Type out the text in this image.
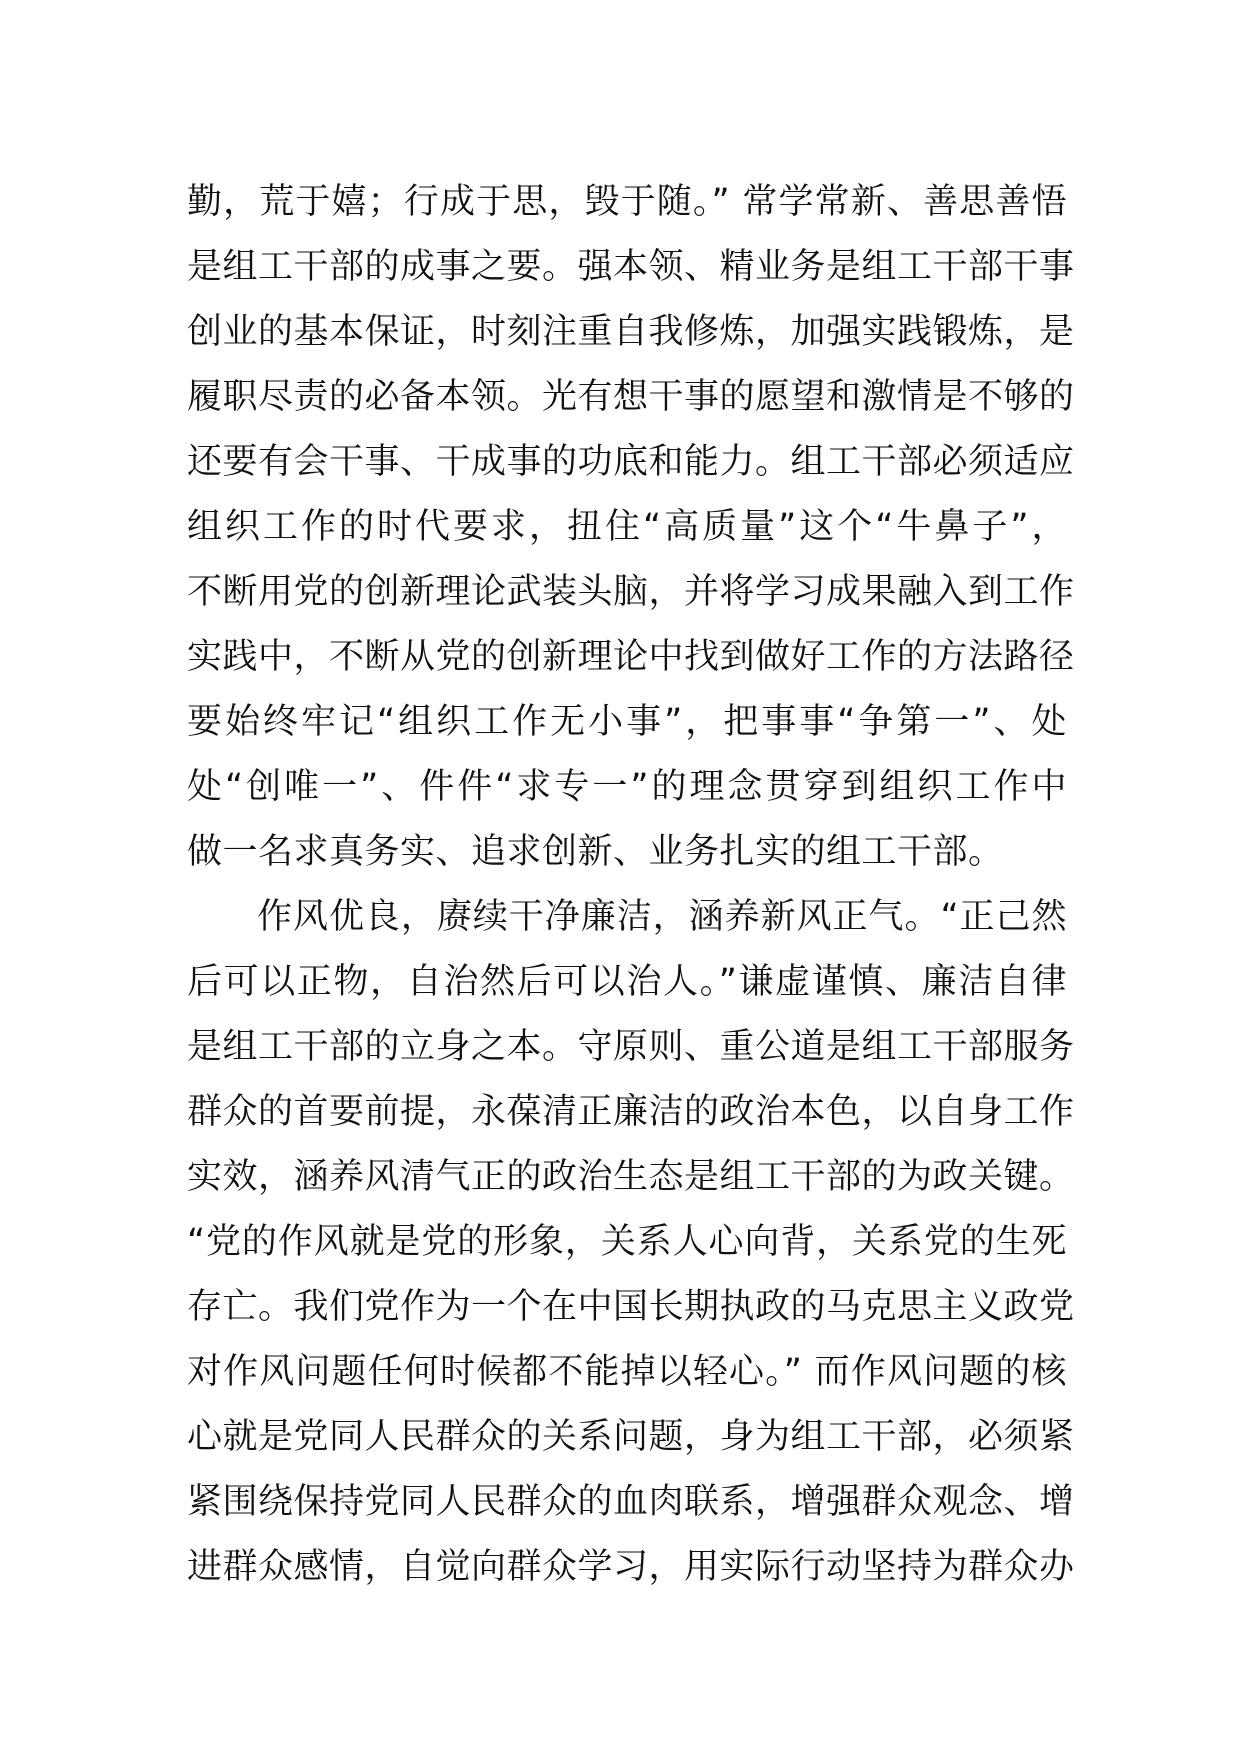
勤，荒于嬉；行成于思，毁于随。” 常学常新、善思善悟
是组工干部的成事之要。强本领、精业务是组工干部干事
创业的基本保证，时刻注重自我修炼，加强实践锻炼，是
履职尽责的必备本领。光有想干事的愿望和激情是不够的
还要有会干事、干成事的功底和能力。组工干部必须适应
组织工作的时代要求，扭住“高质量”这个“牛鼻子”，
不断用党的创新理论武装头脑，并将学习成果融入到工作
实践中，不断从党的创新理论中找到做好工作的方法路径
要始终牢记“组织工作无小事”，把事事“争第一”、处
处“创唯一”、件件“求专一”的理念贯穿到组织工作中
做一名求真务实、追求创新、业务扎实的组工干部。
作风优良，赓续干净廉洁，涵养新风正气。“正己然
后可以正物，自治然后可以治人。”谦虚谨慎、廉洁自律
是组工干部的立身之本。守原则、重公道是组工干部服务
群众的首要前提，永葆清正廉洁的政治本色，以自身工作
实效，涵养风清气正的政治生态是组工干部的为政关键。
“党的作风就是党的形象，关系人心向背，关系党的生死
存亡。我们党作为一个在中国长期执政的马克思主义政党
对作风问题任何时候都不能掉以轻心。” 而作风问题的核
心就是党同人民群众的关系问题，身为组工干部，必须紧
紧围绕保持党同人民群众的血肉联系，增强群众观念、增
进群众感情，自觉向群众学习，用实际行动坚持为群众办
